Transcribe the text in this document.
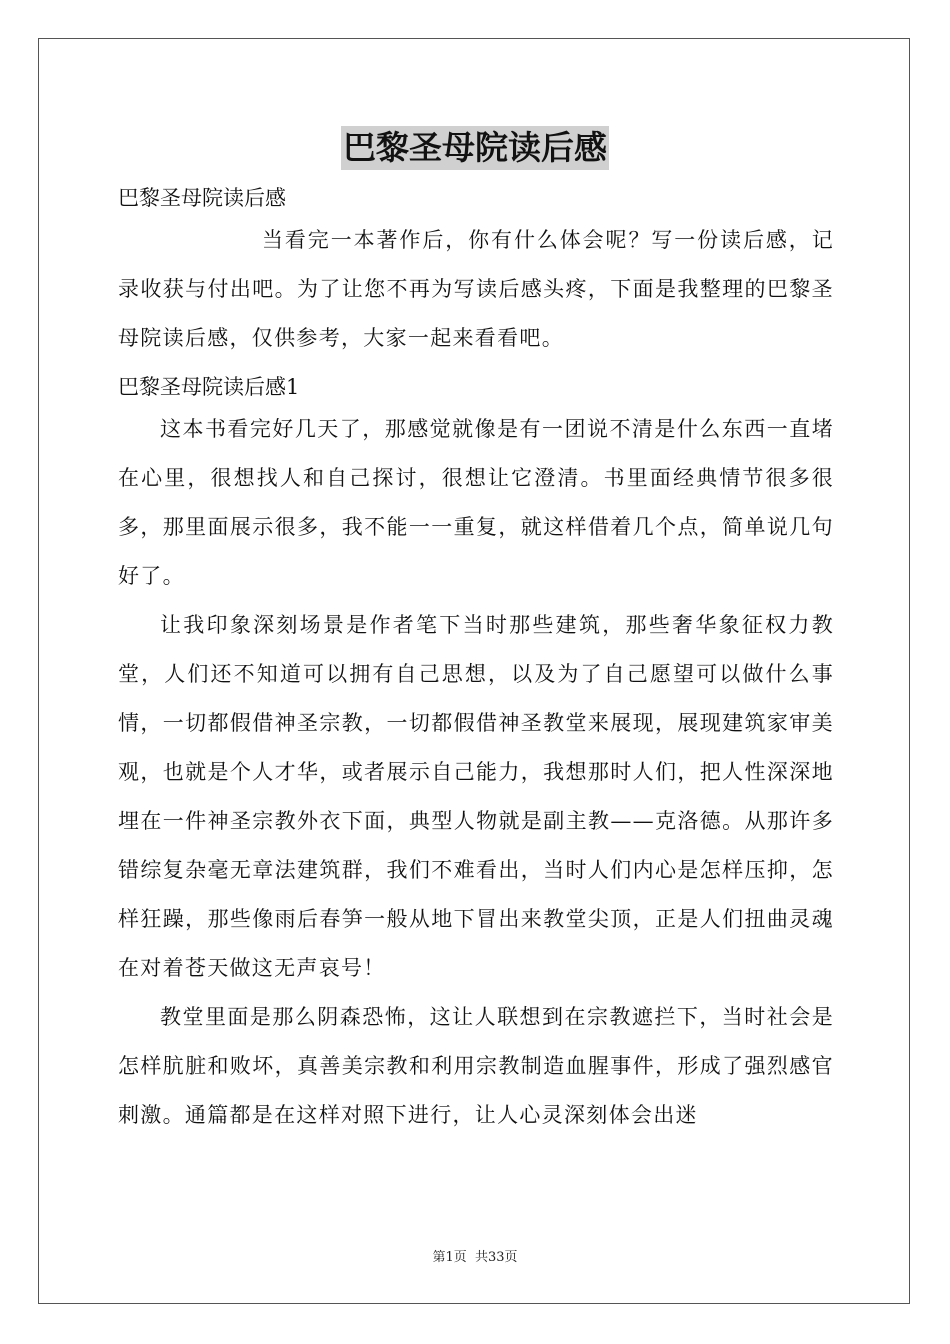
巴黎圣母院读后感

巴黎圣母院读后感

当看完一本著作后，你有什么体会呢？写一份读后感，记录收获与付出吧。为了让您不再为写读后感头疼，下面是我整理的巴黎圣母院读后感，仅供参考，大家一起来看看吧。

巴黎圣母院读后感1

这本书看完好几天了，那感觉就像是有一团说不清是什么东西一直堵在心里，很想找人和自己探讨，很想让它澄清。书里面经典情节很多很多，那里面展示很多，我不能一一重复，就这样借着几个点，简单说几句好了。

让我印象深刻场景是作者笔下当时那些建筑，那些奢华象征权力教堂，人们还不知道可以拥有自己思想，以及为了自己愿望可以做什么事情，一切都假借神圣宗教，一切都假借神圣教堂来展现，展现建筑家审美观，也就是个人才华，或者展示自己能力，我想那时人们，把人性深深地埋在一件神圣宗教外衣下面，典型人物就是副主教——克洛德。从那许多错综复杂毫无章法建筑群，我们不难看出，当时人们内心是怎样压抑，怎样狂躁，那些像雨后春笋一般从地下冒出来教堂尖顶，正是人们扭曲灵魂在对着苍天做这无声哀号！

教堂里面是那么阴森恐怖，这让人联想到在宗教遮拦下，当时社会是怎样肮脏和败坏，真善美宗教和利用宗教制造血腥事件，形成了强烈感官刺激。通篇都是在这样对照下进行，让人心灵深刻体会出迷

第1页 共33页
